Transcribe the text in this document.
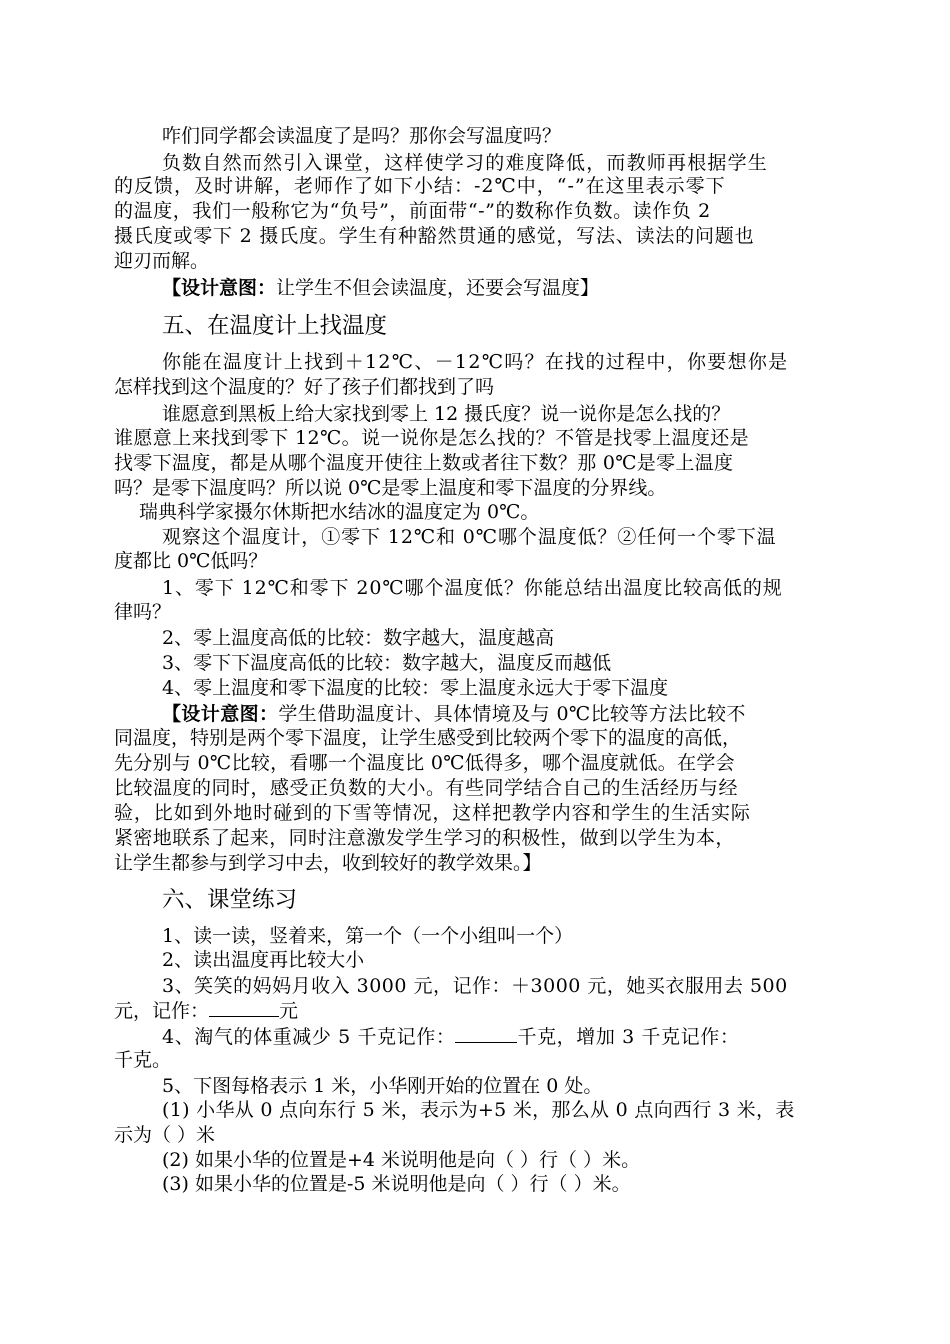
咋们同学都会读温度了是吗？那你会写温度吗？
负数自然而然引入课堂，这样使学习的难度降低，而教师再根据学生
的反馈，及时讲解，老师作了如下小结：-2℃中，“-”在这里表示零下
的温度，我们一般称它为“负号”，前面带“-”的数称作负数。读作负 2
摄氏度或零下 2 摄氏度。学生有种豁然贯通的感觉，写法、读法的问题也
迎刃而解。
【设计意图：让学生不但会读温度，还要会写温度】
五、在温度计上找温度
你能在温度计上找到＋12℃、－12℃吗？在找的过程中，你要想你是
怎样找到这个温度的？好了孩子们都找到了吗
谁愿意到黑板上给大家找到零上 12 摄氏度？说一说你是怎么找的？
谁愿意上来找到零下 12℃。说一说你是怎么找的？不管是找零上温度还是
找零下温度，都是从哪个温度开使往上数或者往下数？那 0℃是零上温度
吗？是零下温度吗？所以说 0℃是零上温度和零下温度的分界线。
瑞典科学家摄尔休斯把水结冰的温度定为 0℃。
观察这个温度计，①零下 12℃和 0℃哪个温度低？②任何一个零下温
度都比 0℃低吗？
1、零下 12℃和零下 20℃哪个温度低？你能总结出温度比较高低的规
律吗？
2、零上温度高低的比较：数字越大，温度越高
3、零下下温度高低的比较：数字越大，温度反而越低
4、零上温度和零下温度的比较：零上温度永远大于零下温度
【设计意图：学生借助温度计、具体情境及与 0℃比较等方法比较不
同温度，特别是两个零下温度，让学生感受到比较两个零下的温度的高低，
先分别与 0℃比较，看哪一个温度比 0℃低得多，哪个温度就低。在学会
比较温度的同时，感受正负数的大小。有些同学结合自己的生活经历与经
验，比如到外地时碰到的下雪等情况，这样把教学内容和学生的生活实际
紧密地联系了起来，同时注意激发学生学习的积极性，做到以学生为本，
让学生都参与到学习中去，收到较好的教学效果。】
六、课堂练习
1、读一读，竖着来，第一个（一个小组叫一个）
2、读出温度再比较大小
3、笑笑的妈妈月收入 3000 元，记作：＋3000 元，她买衣服用去 500
元，记作：	元
4、淘气的体重减少 5 千克记作：	千克，增加 3 千克记作：
千克。
5、下图每格表示 1 米，小华刚开始的位置在 0 处。
(1) 小华从 0 点向东行 5 米，表示为+5 米，那么从 0 点向西行 3 米，表
示为（ ）米
(2) 如果小华的位置是+4 米说明他是向（ ）行（ ）米。
(3) 如果小华的位置是-5 米说明他是向（ ）行（ ）米。
